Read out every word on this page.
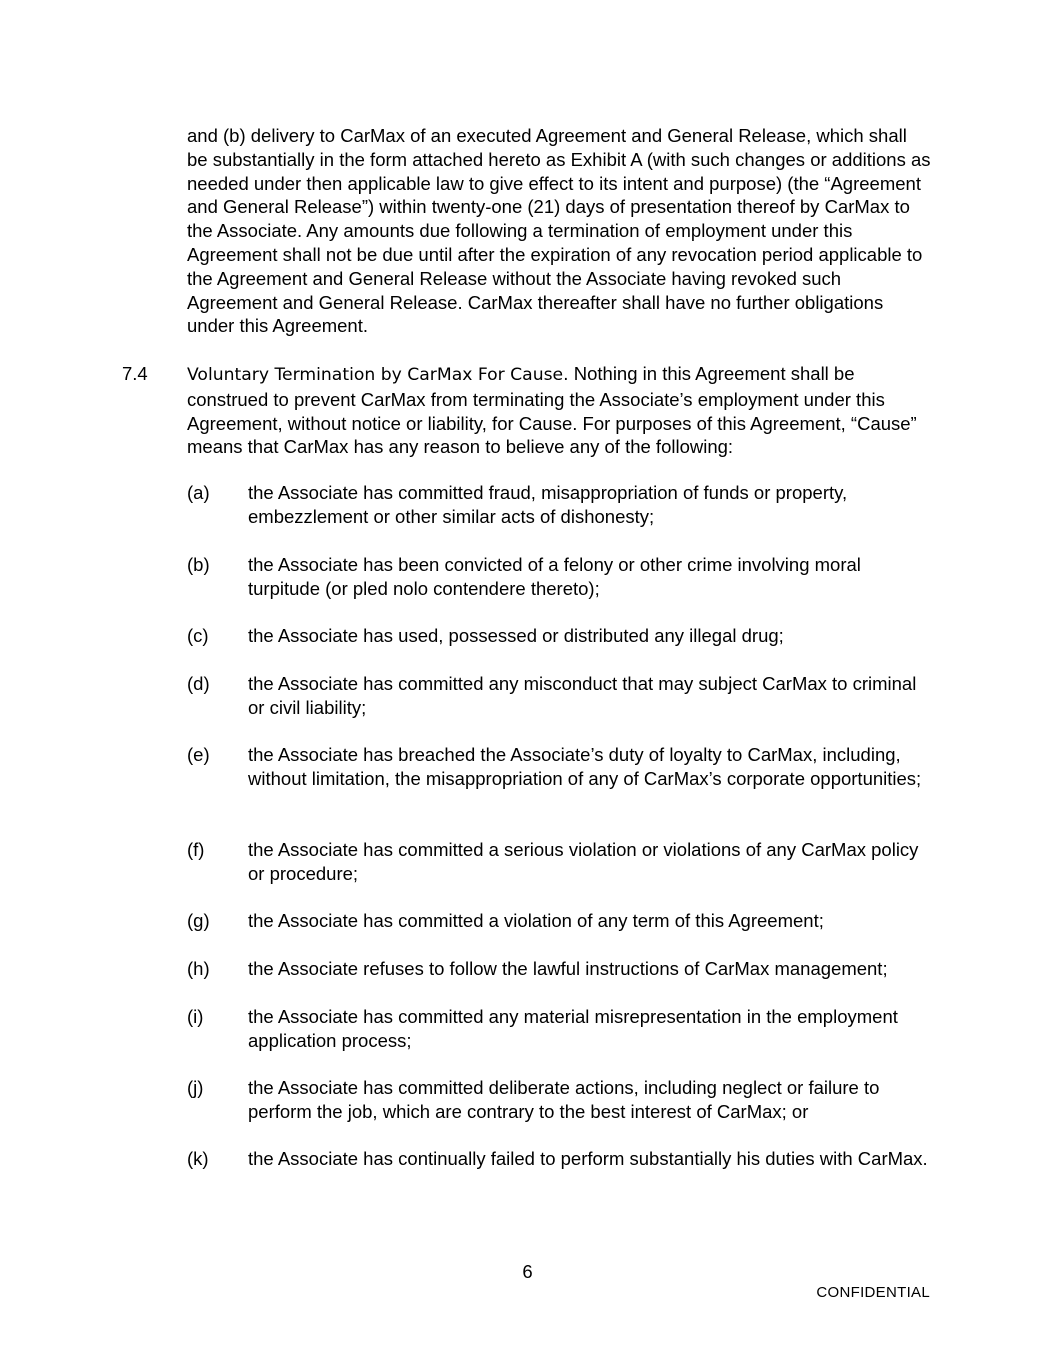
and (b) delivery to CarMax of an executed Agreement and General Release, which shall be substantially in the form attached hereto as Exhibit A (with such changes or additions as needed under then applicable law to give effect to its intent and purpose) (the “Agreement and General Release”) within twenty-one (21) days of presentation thereof by CarMax to the Associate. Any amounts due following a termination of employment under this Agreement shall not be due until after the expiration of any revocation period applicable to the Agreement and General Release without the Associate having revoked such Agreement and General Release. CarMax thereafter shall have no further obligations under this Agreement.
7.4 Voluntary Termination by CarMax For Cause. Nothing in this Agreement shall be construed to prevent CarMax from terminating the Associate’s employment under this Agreement, without notice or liability, for Cause. For purposes of this Agreement, “Cause” means that CarMax has any reason to believe any of the following:
(a) the Associate has committed fraud, misappropriation of funds or property, embezzlement or other similar acts of dishonesty;
(b) the Associate has been convicted of a felony or other crime involving moral turpitude (or pled nolo contendere thereto);
(c) the Associate has used, possessed or distributed any illegal drug;
(d) the Associate has committed any misconduct that may subject CarMax to criminal or civil liability;
(e) the Associate has breached the Associate’s duty of loyalty to CarMax, including, without limitation, the misappropriation of any of CarMax’s corporate opportunities;
(f) the Associate has committed a serious violation or violations of any CarMax policy or procedure;
(g) the Associate has committed a violation of any term of this Agreement;
(h) the Associate refuses to follow the lawful instructions of CarMax management;
(i) the Associate has committed any material misrepresentation in the employment application process;
(j) the Associate has committed deliberate actions, including neglect or failure to perform the job, which are contrary to the best interest of CarMax; or
(k) the Associate has continually failed to perform substantially his duties with CarMax.
6
CONFIDENTIAL
